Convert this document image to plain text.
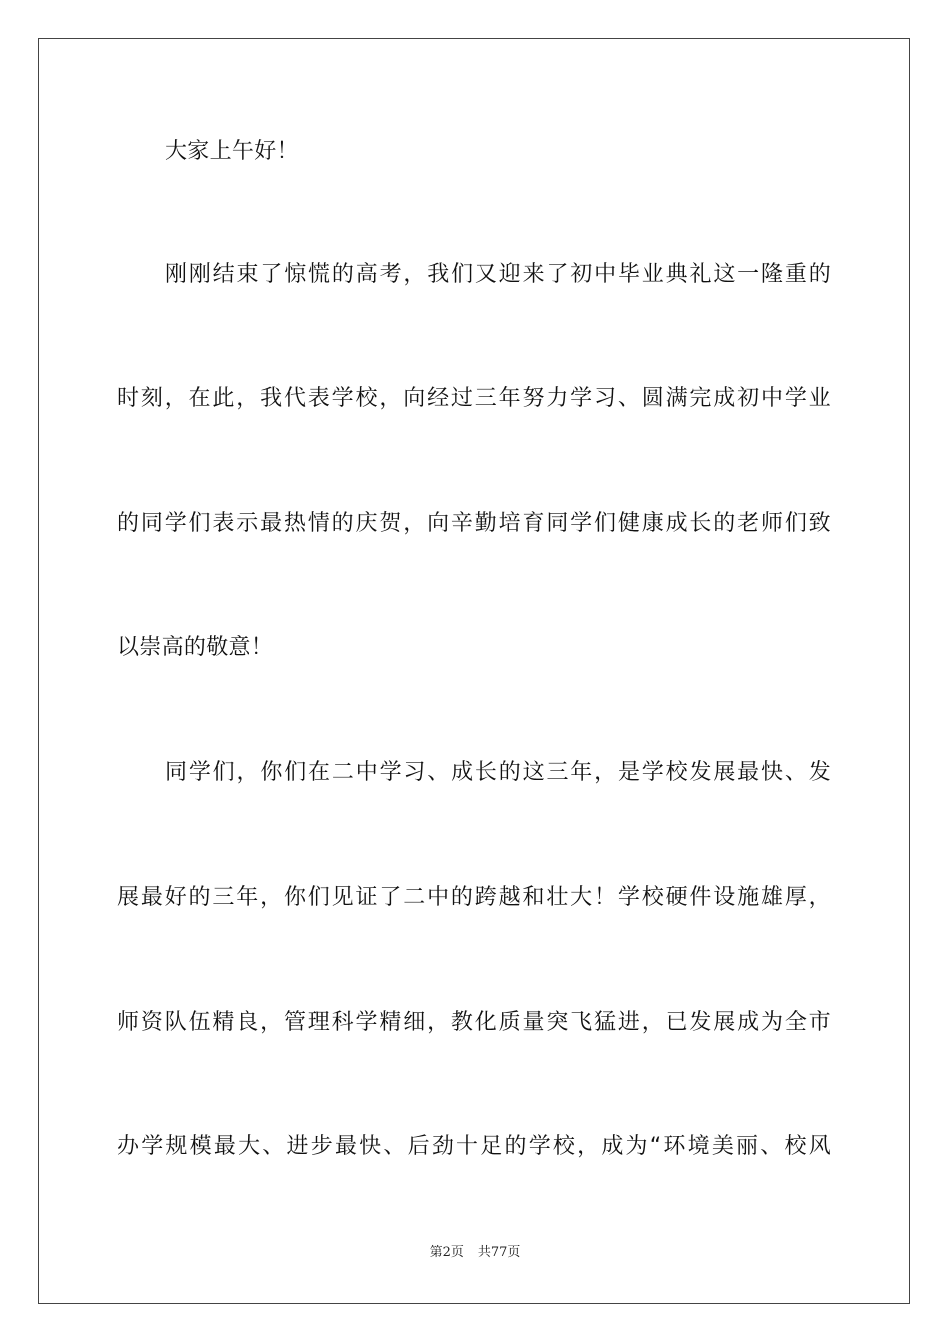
大家上午好！
刚刚结束了惊慌的高考，我们又迎来了初中毕业典礼这一隆重的
时刻，在此，我代表学校，向经过三年努力学习、圆满完成初中学业
的同学们表示最热情的庆贺，向辛勤培育同学们健康成长的老师们致
以崇高的敬意！
同学们，你们在二中学习、成长的这三年，是学校发展最快、发
展最好的三年，你们见证了二中的跨越和壮大！学校硬件设施雄厚，
师资队伍精良，管理科学精细，教化质量突飞猛进，已发展成为全市
办学规模最大、进步最快、后劲十足的学校，成为“环境美丽、校风
第2页 共77页
